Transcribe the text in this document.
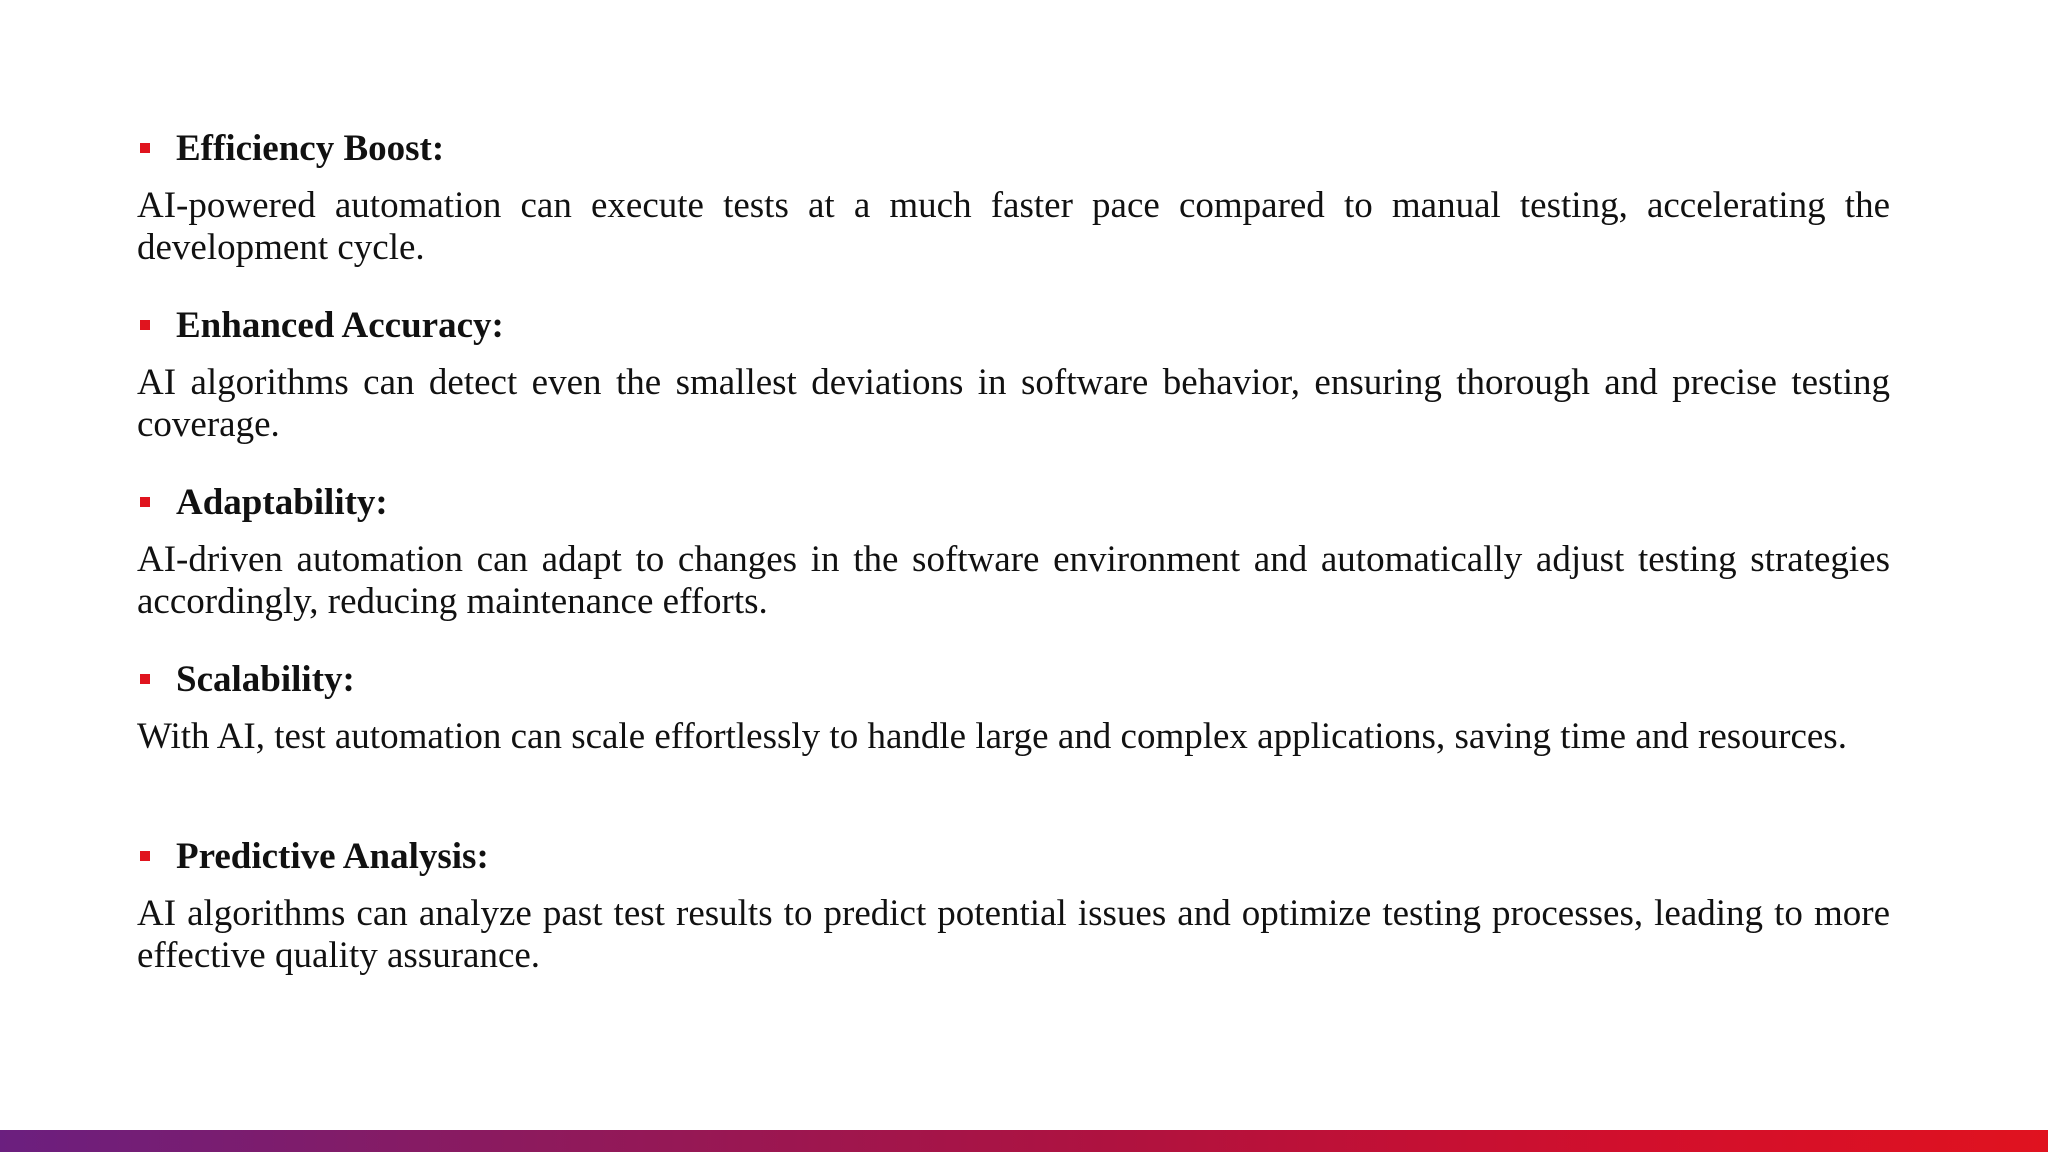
Efficiency Boost:

AI-powered automation can execute tests at a much faster pace compared to manual testing, accelerating the development cycle.

Enhanced Accuracy:

AI algorithms can detect even the smallest deviations in software behavior, ensuring thorough and precise testing coverage.

Adaptability:

AI-driven automation can adapt to changes in the software environment and automatically adjust testing strategies accordingly, reducing maintenance efforts.

Scalability:

With AI, test automation can scale effortlessly to handle large and complex applications, saving time and resources.

Predictive Analysis:

AI algorithms can analyze past test results to predict potential issues and optimize testing processes, leading to more effective quality assurance.
